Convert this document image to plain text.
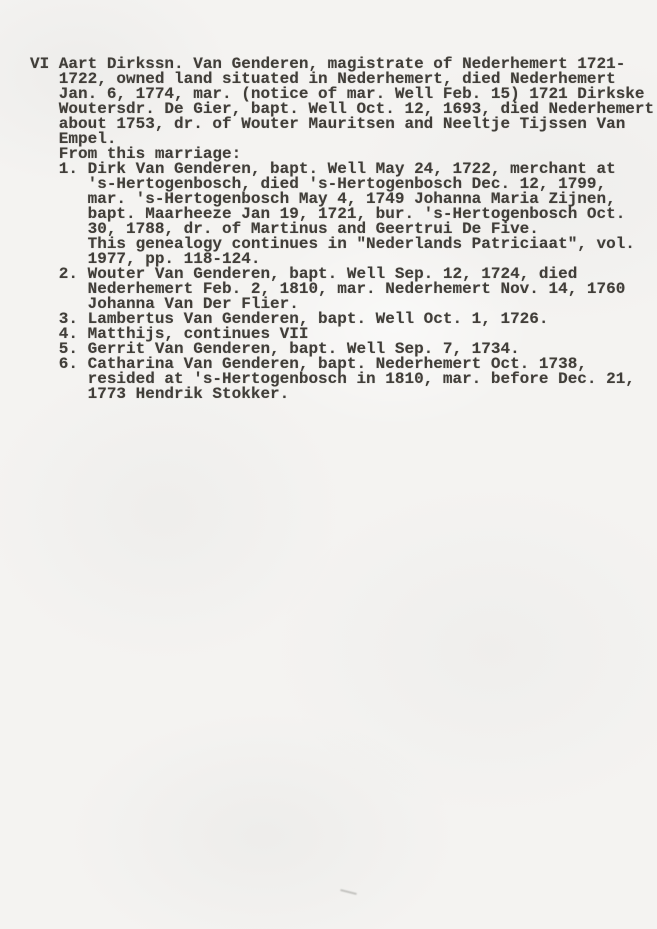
VI Aart Dirkssn. Van Genderen, magistrate of Nederhemert 1721-
1722, owned land situated in Nederhemert, died Nederhemert
Jan. 6, 1774, mar. (notice of mar. Well Feb. 15) 1721 Dirkske
Woutersdr. De Gier, bapt. Well Oct. 12, 1693, died Nederhemert
about 1753, dr. of Wouter Mauritsen and Neeltje Tijssen Van
Empel.
From this marriage:
1. Dirk Van Genderen, bapt. Well May 24, 1722, merchant at
's-Hertogenbosch, died 's-Hertogenbosch Dec. 12, 1799,
mar. 's-Hertogenbosch May 4, 1749 Johanna Maria Zijnen,
bapt. Maarheeze Jan 19, 1721, bur. 's-Hertogenbosch Oct.
30, 1788, dr. of Martinus and Geertrui De Five.
This genealogy continues in "Nederlands Patriciaat", vol.
1977, pp. 118-124.
2. Wouter Van Genderen, bapt. Well Sep. 12, 1724, died
Nederhemert Feb. 2, 1810, mar. Nederhemert Nov. 14, 1760
Johanna Van Der Flier.
3. Lambertus Van Genderen, bapt. Well Oct. 1, 1726.
4. Matthijs, continues VII
5. Gerrit Van Genderen, bapt. Well Sep. 7, 1734.
6. Catharina Van Genderen, bapt. Nederhemert Oct. 1738,
resided at 's-Hertogenbosch in 1810, mar. before Dec. 21,
1773 Hendrik Stokker.
